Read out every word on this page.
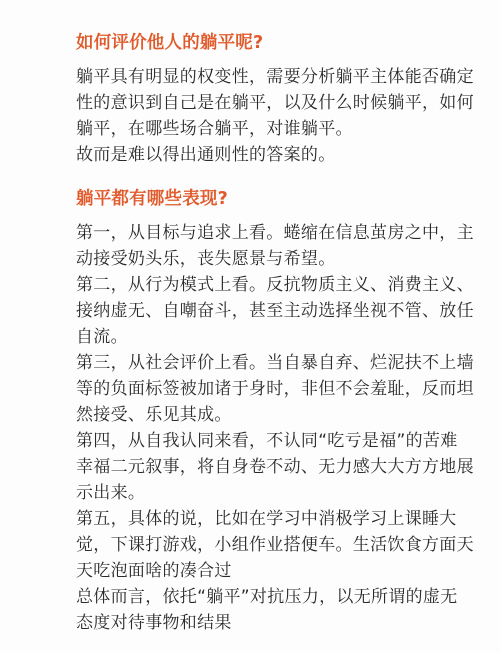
如何评价他人的躺平呢?

躺平具有明显的权变性，需要分析躺平主体能否确定性的意识到自己是在躺平，以及什么时候躺平，如何躺平，在哪些场合躺平，对谁躺平。

故而是难以得出通则性的答案的。

躺平都有哪些表现?

第一，从目标与追求上看。蜷缩在信息茧房之中，主动接受奶头乐，丧失愿景与希望。

第二，从行为模式上看。反抗物质主义、消费主义、接纳虚无、自嘲奋斗，甚至主动选择坐视不管、放任自流。

第三，从社会评价上看。当自暴自弃、烂泥扶不上墙等的负面标签被加诸于身时，非但不会羞耻，反而坦然接受、乐见其成。

第四，从自我认同来看，不认同“吃亏是福”的苦难幸福二元叙事，将自身卷不动、无力感大大方方地展示出来。

第五，具体的说，比如在学习中消极学习上课睡大觉，下课打游戏，小组作业搭便车。生活饮食方面天天吃泡面啥的凑合过

总体而言，依托“躺平”对抗压力，以无所谓的虚无态度对待事物和结果
